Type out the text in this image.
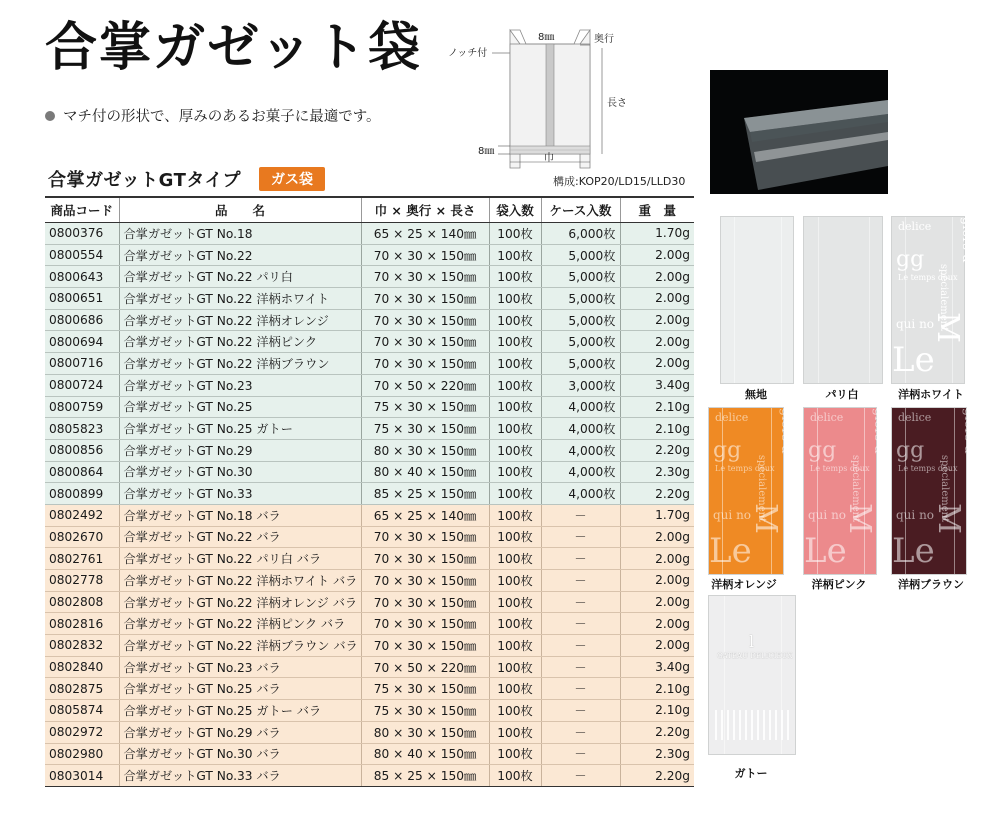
合掌ガゼット袋
マチ付の形状で、厚みのあるお菓子に最適です。
ノッチ付
8㎜	奥行
長さ
8㎜
巾
合掌ガゼットGTタイプ	ガス袋	構成:KOP20/LD15/LLD30
商品コード	品　　名	巾 × 奥行 × 長さ	袋入数	ケース入数	重　量
0800376	合掌ガゼットGT No.18	65 × 25 × 140㎜	100枚	6,000枚	1.70g
0800554	合掌ガゼットGT No.22	70 × 30 × 150㎜	100枚	5,000枚	2.00g
0800643	合掌ガゼットGT No.22 パリ白	70 × 30 × 150㎜	100枚	5,000枚	2.00g
0800651	合掌ガゼットGT No.22 洋柄ホワイト	70 × 30 × 150㎜	100枚	5,000枚	2.00g
0800686	合掌ガゼットGT No.22 洋柄オレンジ	70 × 30 × 150㎜	100枚	5,000枚	2.00g
0800694	合掌ガゼットGT No.22 洋柄ピンク	70 × 30 × 150㎜	100枚	5,000枚	2.00g
0800716	合掌ガゼットGT No.22 洋柄ブラウン	70 × 30 × 150㎜	100枚	5,000枚	2.00g
0800724	合掌ガゼットGT No.23	70 × 50 × 220㎜	100枚	3,000枚	3.40g
0800759	合掌ガゼットGT No.25	75 × 30 × 150㎜	100枚	4,000枚	2.10g
0805823	合掌ガゼットGT No.25 ガトー	75 × 30 × 150㎜	100枚	4,000枚	2.10g
0800856	合掌ガゼットGT No.29	80 × 30 × 150㎜	100枚	4,000枚	2.20g
0800864	合掌ガゼットGT No.30	80 × 40 × 150㎜	100枚	4,000枚	2.30g
0800899	合掌ガゼットGT No.33	85 × 25 × 150㎜	100枚	4,000枚	2.20g
0802492	合掌ガゼットGT No.18 バラ	65 × 25 × 140㎜	100枚	－	1.70g
0802670	合掌ガゼットGT No.22 バラ	70 × 30 × 150㎜	100枚	－	2.00g
0802761	合掌ガゼットGT No.22 パリ白 バラ	70 × 30 × 150㎜	100枚	－	2.00g
0802778	合掌ガゼットGT No.22 洋柄ホワイト バラ	70 × 30 × 150㎜	100枚	－	2.00g
0802808	合掌ガゼットGT No.22 洋柄オレンジ バラ	70 × 30 × 150㎜	100枚	－	2.00g
0802816	合掌ガゼットGT No.22 洋柄ピンク バラ	70 × 30 × 150㎜	100枚	－	2.00g
0802832	合掌ガゼットGT No.22 洋柄ブラウン バラ	70 × 30 × 150㎜	100枚	－	2.00g
0802840	合掌ガゼットGT No.23 バラ	70 × 50 × 220㎜	100枚	－	3.40g
0802875	合掌ガゼットGT No.25 バラ	75 × 30 × 150㎜	100枚	－	2.10g
0805874	合掌ガゼットGT No.25 ガトー バラ	75 × 30 × 150㎜	100枚	－	2.10g
0802972	合掌ガゼットGT No.29 バラ	80 × 30 × 150㎜	100枚	－	2.20g
0802980	合掌ガゼットGT No.30 バラ	80 × 40 × 150㎜	100枚	－	2.30g
0803014	合掌ガゼットGT No.33 バラ	85 × 25 × 150㎜	100枚	－	2.20g
無地	パリ白
Le
M
glors d'
gg
delice
Le temps doux
spécialement
qui no
洋柄ホワイト
Le
M
glors d'
gg
delice
Le temps doux
spécialement
qui no
洋柄オレンジ
Le
M
glors d'
gg
delice
Le temps doux
spécialement
qui no
洋柄ピンク
Le
M
glors d'
gg
delice
Le temps doux
spécialement
qui no
洋柄ブラウン
GATEAU DELICIEUX
l
ガトー
